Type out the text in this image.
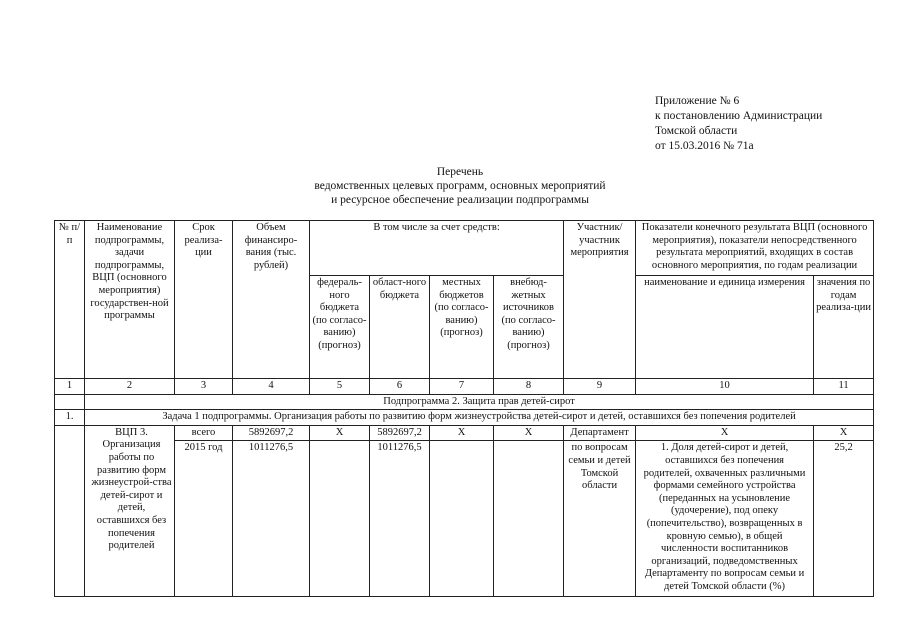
Приложение № 6
к постановлению Администрации
Томской области
от 15.03.2016 № 71а
Перечень
ведомственных целевых программ, основных мероприятий
и ресурсное обеспечение реализации подпрограммы
№ п/п	Наименование подпрограммы, задачи подпрограммы, ВЦП (основного мероприятия) государствен-ной программы	Срок реализа-ции	Объем финансиро-вания (тыс. рублей)	В том числе за счет средств:				Участник/ участник мероприятия	Показатели конечного результата ВЦП (основного мероприятия), показатели непосредственного результата мероприятий, входящих в состав основного мероприятия, по годам реализации	
				федераль-ного бюджета (по согласо-ванию) (прогноз)	област-ного бюджета	местных бюджетов (по согласо-ванию) (прогноз)	внебюд-жетных источников (по согласо-ванию) (прогноз)		наименование и единица измерения	значения по годам реализа-ции
1	2	3	4	5	6	7	8	9	10	11
	Подпрограмма 2. Защита прав детей-сирот									
1.	Задача 1 подпрограммы. Организация работы по развитию форм жизнеустройства детей-сирот и детей, оставшихся без попечения родителей									
	ВЦП 3. Организация работы по развитию форм жизнеустрой-ства детей-сирот и детей, оставшихся без попечения родителей	всего	5892697,2	X	5892697,2	X	X	Департамент	X	X
		2015 год	1011276,5		1011276,5			по вопросам семьи и детей Томской области	1. Доля детей-сирот и детей, оставшихся без попечения родителей, охваченных различными формами семейного устройства (переданных на усыновление (удочерение), под опеку (попечительство), возвращенных в кровную семью), в общей численности воспитанников организаций, подведомственных Департаменту по вопросам семьи и детей Томской области (%)	25,2
